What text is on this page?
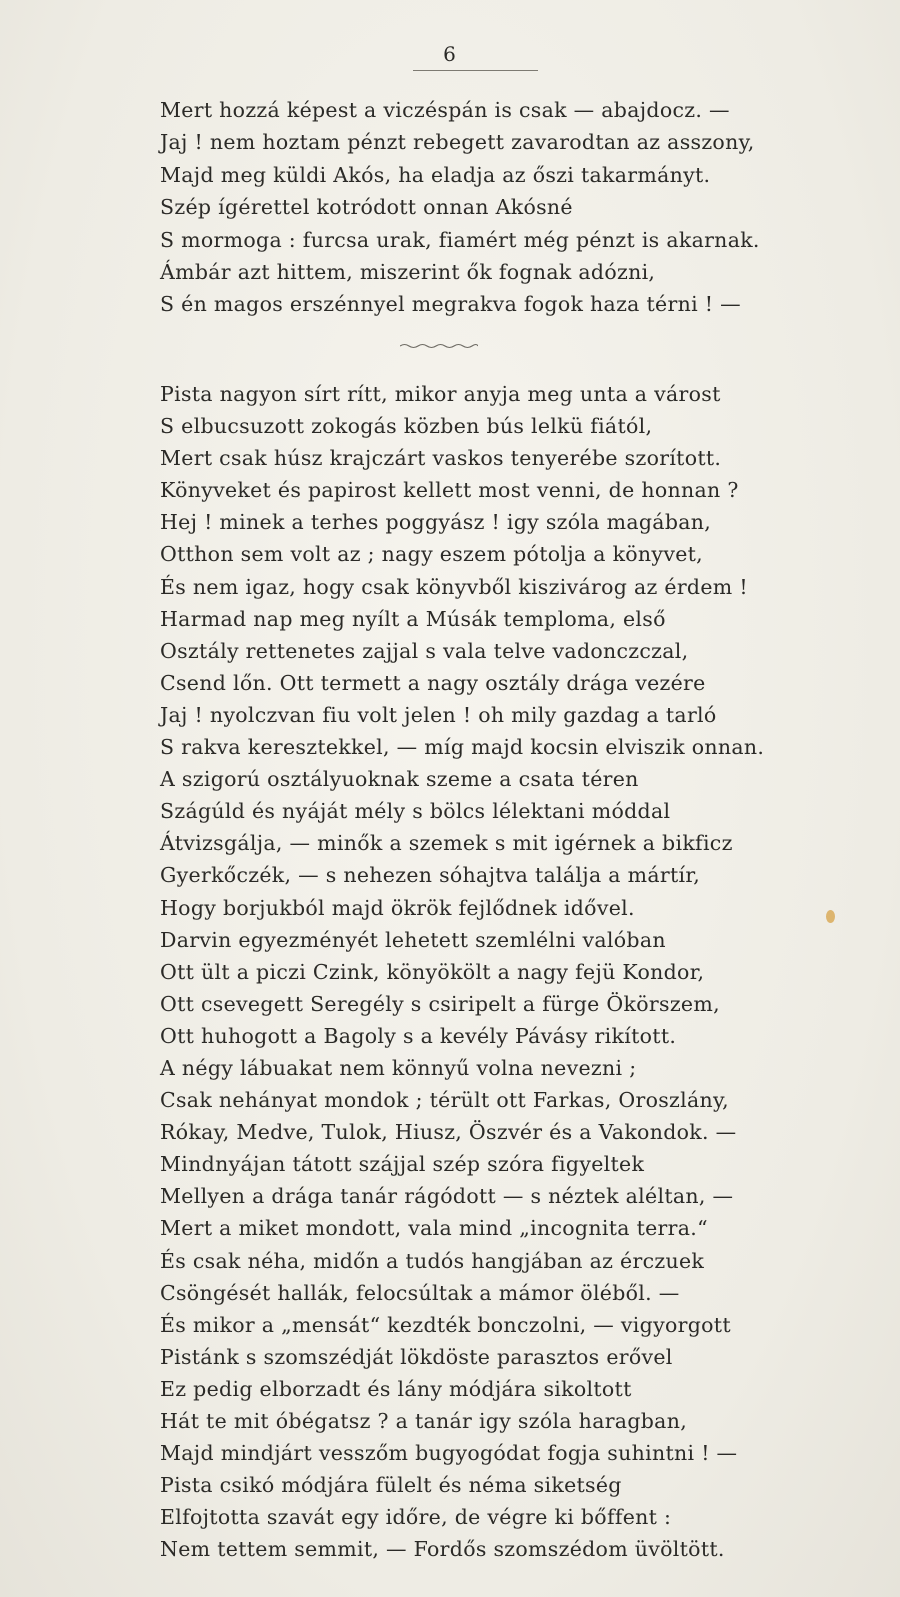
6
Mert hozzá képest a viczéspán is csak — abajdocz. —
Jaj ! nem hoztam pénzt rebegett zavarodtan az asszony,
Majd meg küldi Akós, ha eladja az őszi takarmányt.
Szép ígérettel kotródott onnan Akósné
S mormoga : furcsa urak, fiamért még pénzt is akarnak.
Ámbár azt hittem, miszerint ők fognak adózni,
S én magos erszénnyel megrakva fogok haza térni ! —
Pista nagyon sírt rítt, mikor anyja meg unta a várost
S elbucsuzott zokogás közben bús lelkü fiától,
Mert csak húsz krajczárt vaskos tenyerébe szorított.
Könyveket és papirost kellett most venni, de honnan ?
Hej ! minek a terhes poggyász ! igy szóla magában,
Otthon sem volt az ; nagy eszem pótolja a könyvet,
És nem igaz, hogy csak könyvből kiszivárog az érdem !
Harmad nap meg nyílt a Músák temploma, első
Osztály rettenetes zajjal s vala telve vadonczczal,
Csend lőn. Ott termett a nagy osztály drága vezére
Jaj ! nyolczvan fiu volt jelen ! oh mily gazdag a tarló
S rakva keresztekkel, — míg majd kocsin elviszik onnan.
A szigorú osztályuoknak szeme a csata téren
Szágúld és nyáját mély s bölcs lélektani móddal
Átvizsgálja, — minők a szemek s mit igérnek a bikficz
Gyerkőczék, — s nehezen sóhajtva találja a mártír,
Hogy borjukból majd ökrök fejlődnek idővel.
Darvin egyezményét lehetett szemlélni valóban
Ott ült a piczi Czink, könyökölt a nagy fejü Kondor,
Ott csevegett Seregély s csiripelt a fürge Ökörszem,
Ott huhogott a Bagoly s a kevély Pávásy rikított.
A négy lábuakat nem könnyű volna nevezni ;
Csak nehányat mondok ; térült ott Farkas, Oroszlány,
Rókay, Medve, Tulok, Hiusz, Öszvér és a Vakondok. —
Mindnyájan tátott szájjal szép szóra figyeltek
Mellyen a drága tanár rágódott — s néztek aléltan, —
Mert a miket mondott, vala mind „incognita terra.“
És csak néha, midőn a tudós hangjában az érczuek
Csöngését hallák, felocsúltak a mámor öléből. —
És mikor a „mensát“ kezdték bonczolni, — vigyorgott
Pistánk s szomszédját lökdöste parasztos erővel
Ez pedig elborzadt és lány módjára sikoltott
Hát te mit óbégatsz ? a tanár igy szóla haragban,
Majd mindjárt vesszőm bugyogódat fogja suhintni ! —
Pista csikó módjára fülelt és néma siketség
Elfojtotta szavát egy időre, de végre ki bőffent :
Nem tettem semmit, — Fordős szomszédom üvöltött.
